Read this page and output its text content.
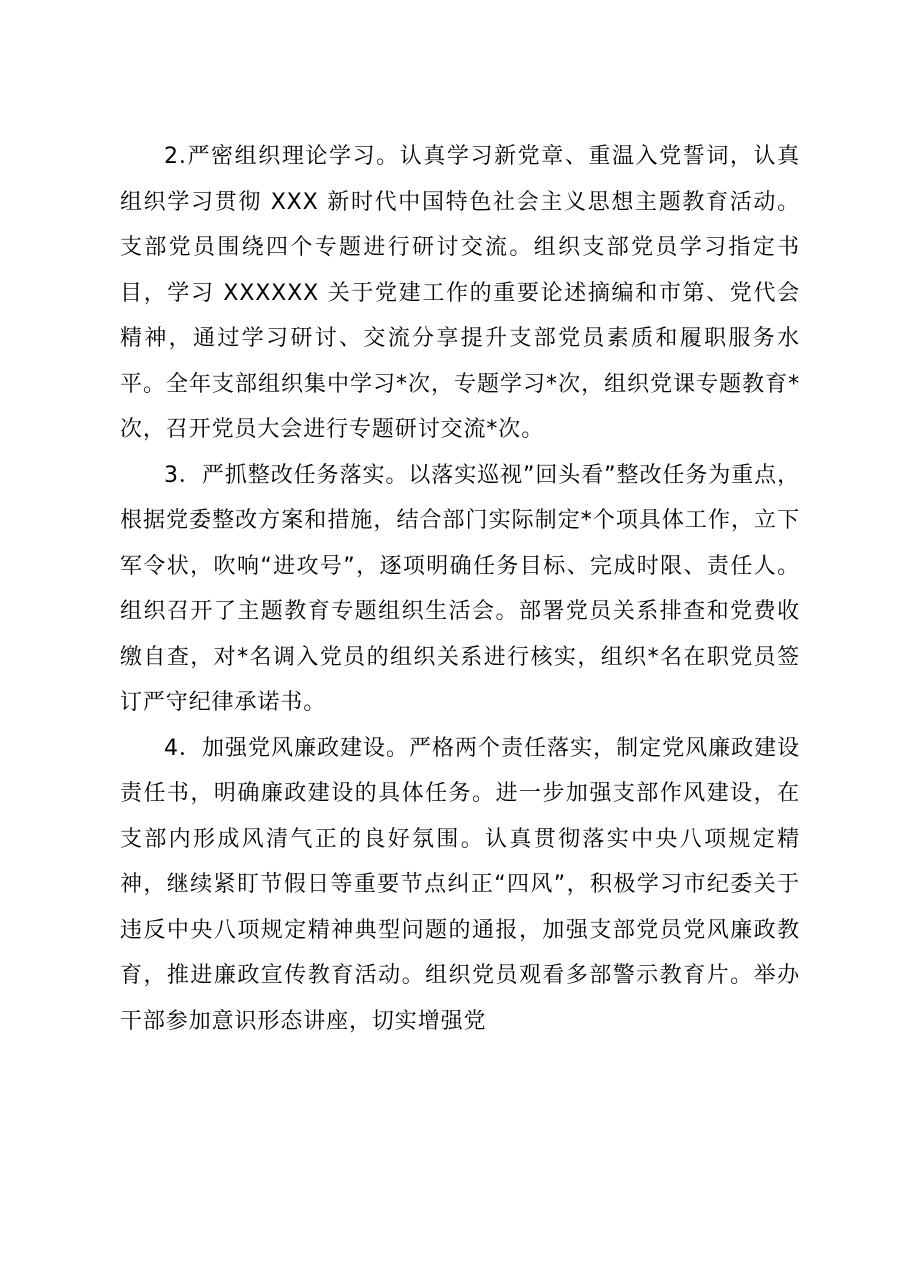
2.严密组织理论学习。认真学习新党章、重温入党誓词，认真组织学习贯彻 XXX 新时代中国特色社会主义思想主题教育活动。支部党员围绕四个专题进行研讨交流。组织支部党员学习指定书目，学习 XXXXXX 关于党建工作的重要论述摘编和市第、党代会精神，通过学习研讨、交流分享提升支部党员素质和履职服务水平。全年支部组织集中学习*次，专题学习*次，组织党课专题教育*次，召开党员大会进行专题研讨交流*次。

3．严抓整改任务落实。以落实巡视”回头看”整改任务为重点，根据党委整改方案和措施，结合部门实际制定*个项具体工作，立下军令状，吹响“进攻号”，逐项明确任务目标、完成时限、责任人。组织召开了主题教育专题组织生活会。部署党员关系排查和党费收缴自查，对*名调入党员的组织关系进行核实，组织*名在职党员签订严守纪律承诺书。

4．加强党风廉政建设。严格两个责任落实，制定党风廉政建设责任书，明确廉政建设的具体任务。进一步加强支部作风建设，在支部内形成风清气正的良好氛围。认真贯彻落实中央八项规定精神，继续紧盯节假日等重要节点纠正“四风”，积极学习市纪委关于违反中央八项规定精神典型问题的通报，加强支部党员党风廉政教育，推进廉政宣传教育活动。组织党员观看多部警示教育片。举办干部参加意识形态讲座，切实增强党
